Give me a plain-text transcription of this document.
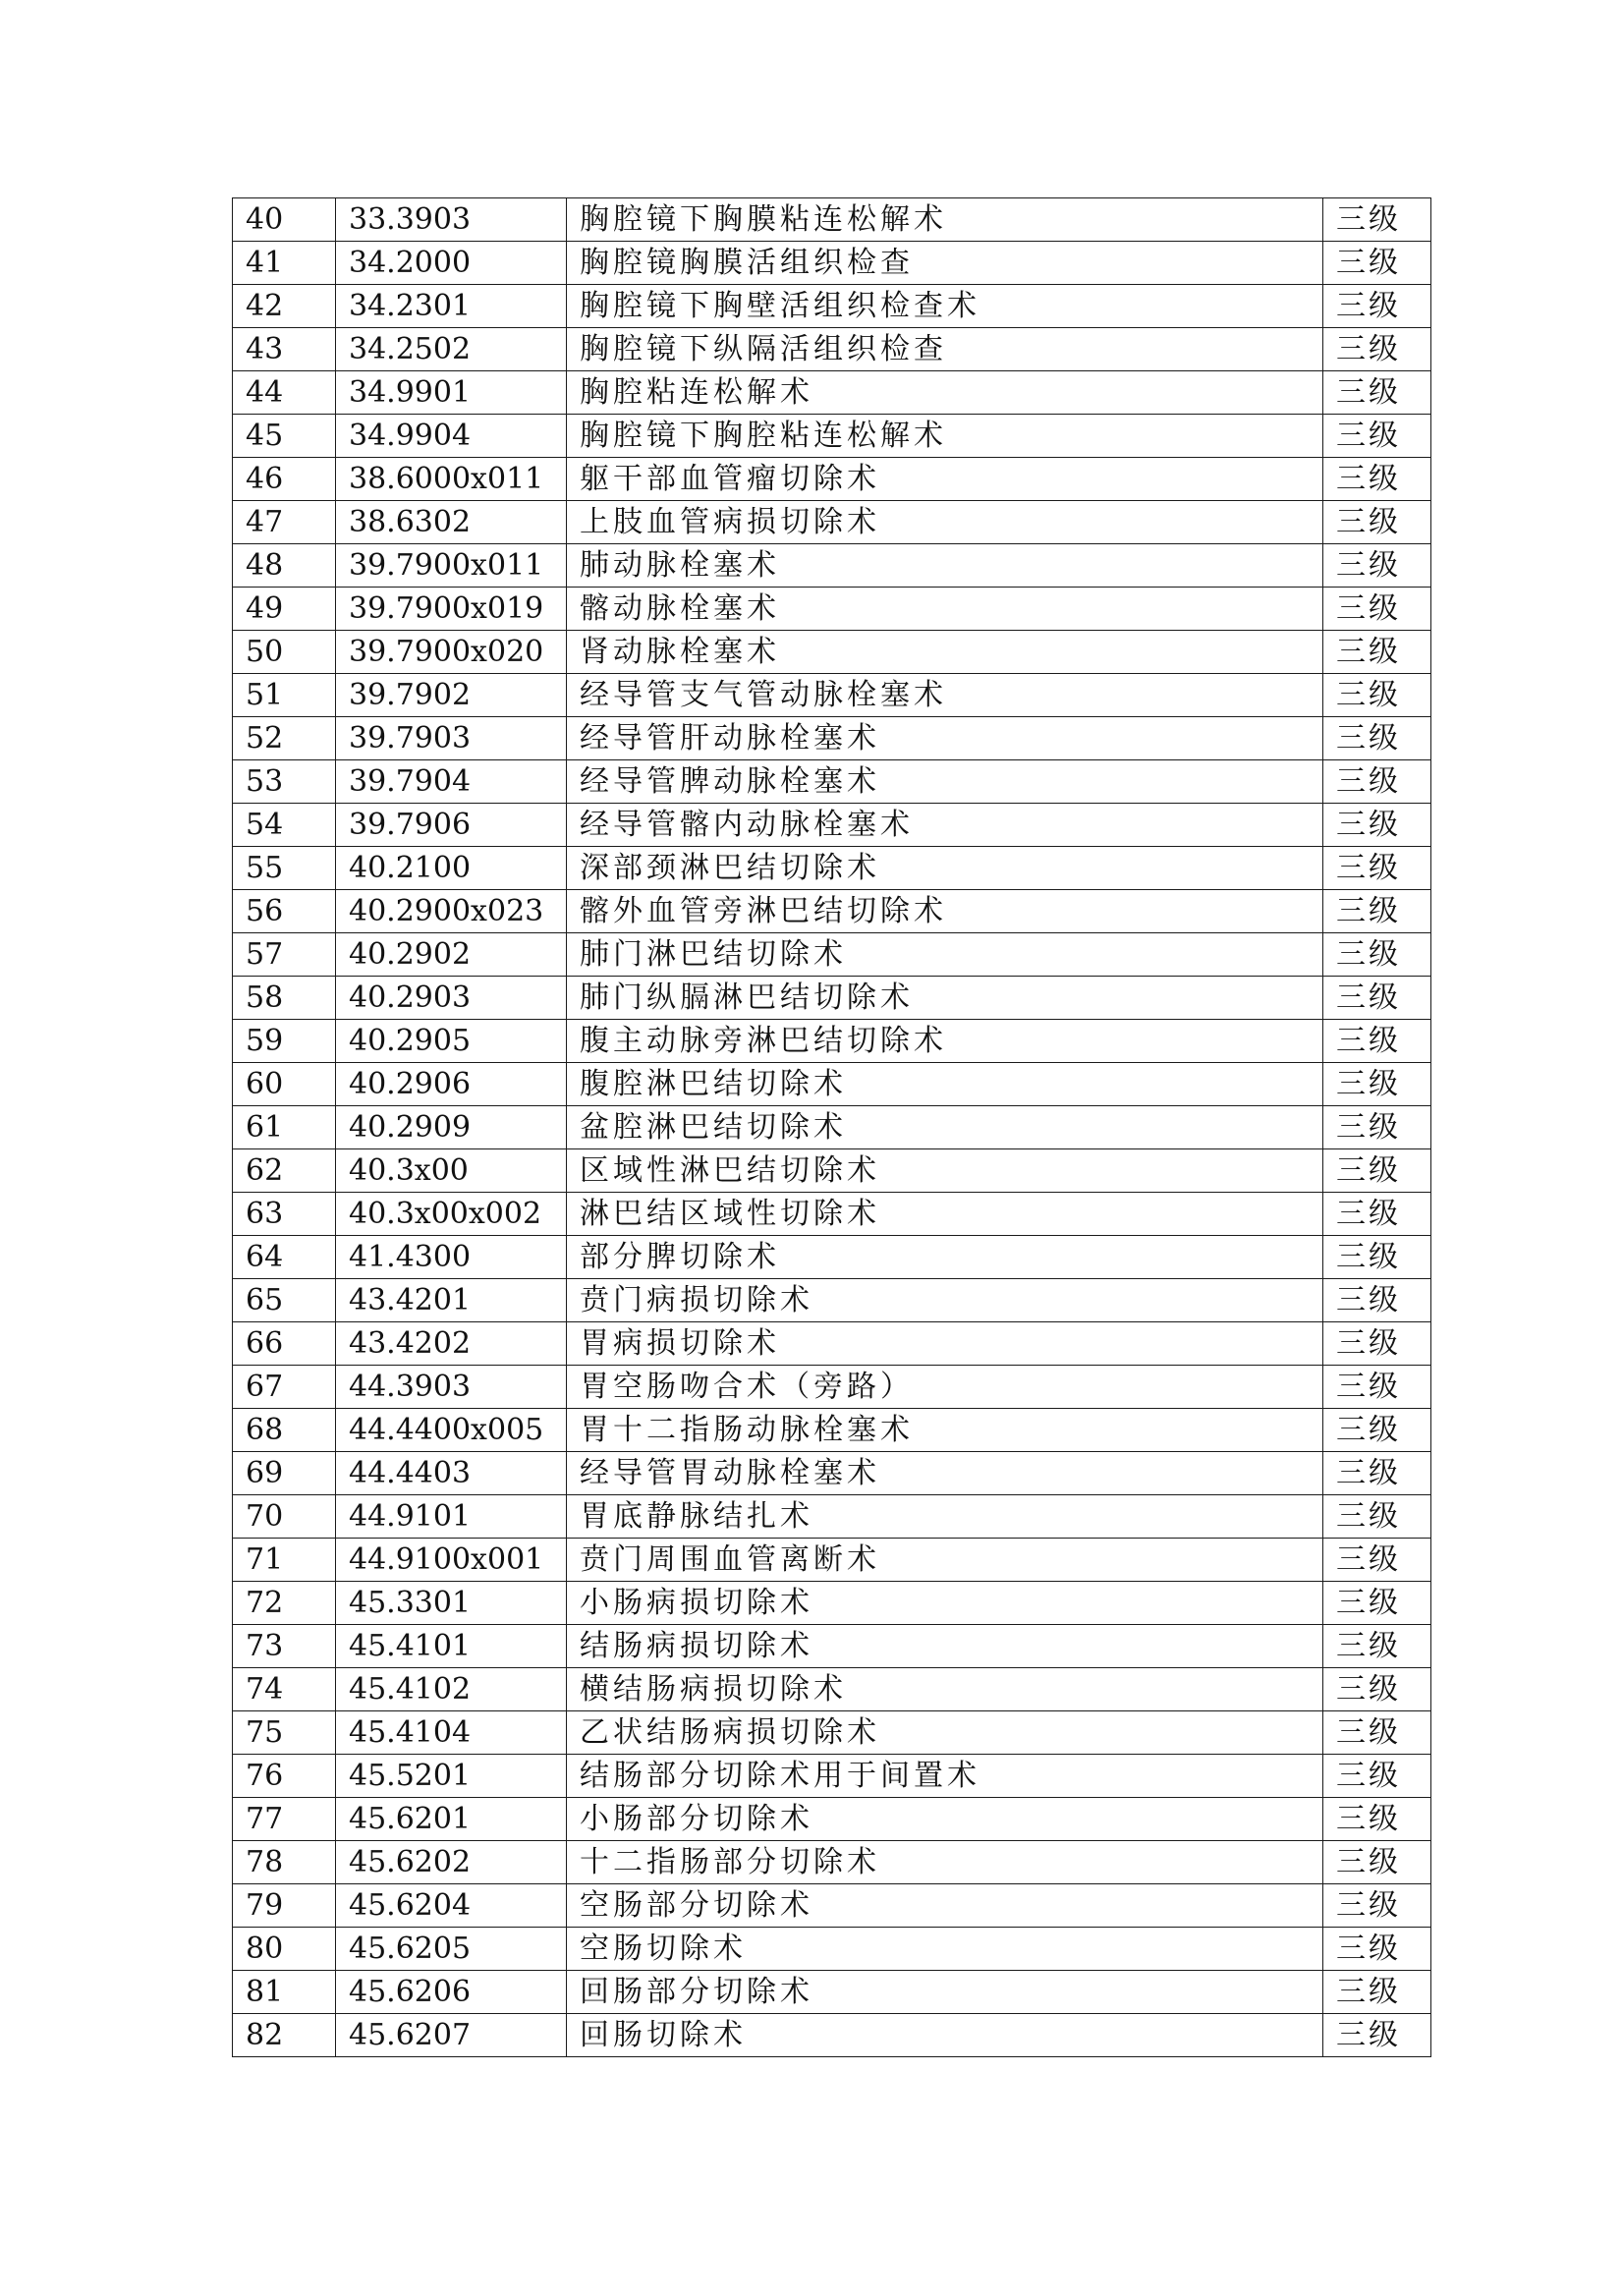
40	33.3903	胸腔镜下胸膜粘连松解术	三级
41	34.2000	胸腔镜胸膜活组织检查	三级
42	34.2301	胸腔镜下胸壁活组织检查术	三级
43	34.2502	胸腔镜下纵隔活组织检查	三级
44	34.9901	胸腔粘连松解术	三级
45	34.9904	胸腔镜下胸腔粘连松解术	三级
46	38.6000x011	躯干部血管瘤切除术	三级
47	38.6302	上肢血管病损切除术	三级
48	39.7900x011	肺动脉栓塞术	三级
49	39.7900x019	髂动脉栓塞术	三级
50	39.7900x020	肾动脉栓塞术	三级
51	39.7902	经导管支气管动脉栓塞术	三级
52	39.7903	经导管肝动脉栓塞术	三级
53	39.7904	经导管脾动脉栓塞术	三级
54	39.7906	经导管髂内动脉栓塞术	三级
55	40.2100	深部颈淋巴结切除术	三级
56	40.2900x023	髂外血管旁淋巴结切除术	三级
57	40.2902	肺门淋巴结切除术	三级
58	40.2903	肺门纵膈淋巴结切除术	三级
59	40.2905	腹主动脉旁淋巴结切除术	三级
60	40.2906	腹腔淋巴结切除术	三级
61	40.2909	盆腔淋巴结切除术	三级
62	40.3x00	区域性淋巴结切除术	三级
63	40.3x00x002	淋巴结区域性切除术	三级
64	41.4300	部分脾切除术	三级
65	43.4201	贲门病损切除术	三级
66	43.4202	胃病损切除术	三级
67	44.3903	胃空肠吻合术（旁路）	三级
68	44.4400x005	胃十二指肠动脉栓塞术	三级
69	44.4403	经导管胃动脉栓塞术	三级
70	44.9101	胃底静脉结扎术	三级
71	44.9100x001	贲门周围血管离断术	三级
72	45.3301	小肠病损切除术	三级
73	45.4101	结肠病损切除术	三级
74	45.4102	横结肠病损切除术	三级
75	45.4104	乙状结肠病损切除术	三级
76	45.5201	结肠部分切除术用于间置术	三级
77	45.6201	小肠部分切除术	三级
78	45.6202	十二指肠部分切除术	三级
79	45.6204	空肠部分切除术	三级
80	45.6205	空肠切除术	三级
81	45.6206	回肠部分切除术	三级
82	45.6207	回肠切除术	三级
